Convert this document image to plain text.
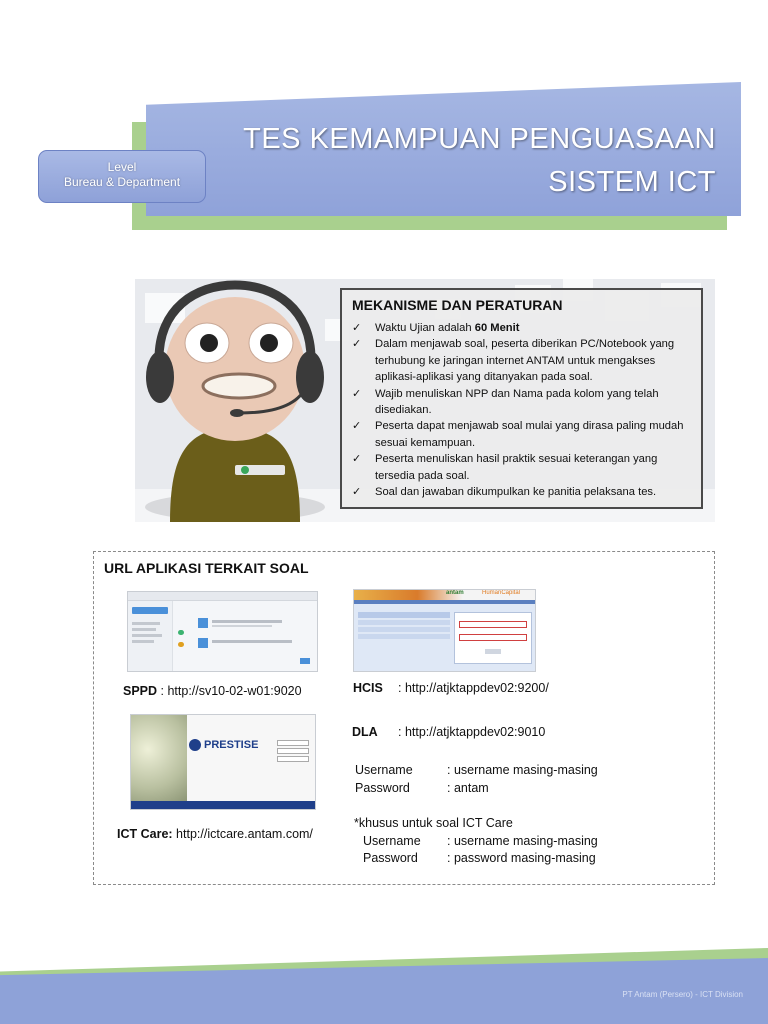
TES KEMAMPUAN PENGUASAAN
SISTEM ICT
Level
Bureau & Department
MEKANISME DAN PERATURAN
✓ Waktu Ujian adalah 60 Menit
✓ Dalam menjawab soal, peserta diberikan PC/Notebook yang terhubung ke jaringan internet ANTAM untuk mengakses aplikasi-aplikasi yang ditanyakan pada soal.
✓ Wajib menuliskan NPP dan Nama pada kolom yang telah disediakan.
✓ Peserta dapat menjawab soal mulai yang dirasa paling mudah sesuai kemampuan.
✓ Peserta menuliskan hasil praktik sesuai keterangan yang tersedia pada soal.
✓ Soal dan jawaban dikumpulkan ke panitia pelaksana tes.
URL APLIKASI TERKAIT SOAL
antam	HumanCapital
PRESTISE
SPPD : http://sv10-02-w01:9020	HCIS : http://atjktappdev02:9200/
DLA : http://atjktappdev02:9010
Username	: username masing-masing
Password	: antam
ICT Care: http://ictcare.antam.com/
*khusus untuk soal ICT Care
Username : username masing-masing
Password : password masing-masing
PT Antam (Persero) - ICT Division
